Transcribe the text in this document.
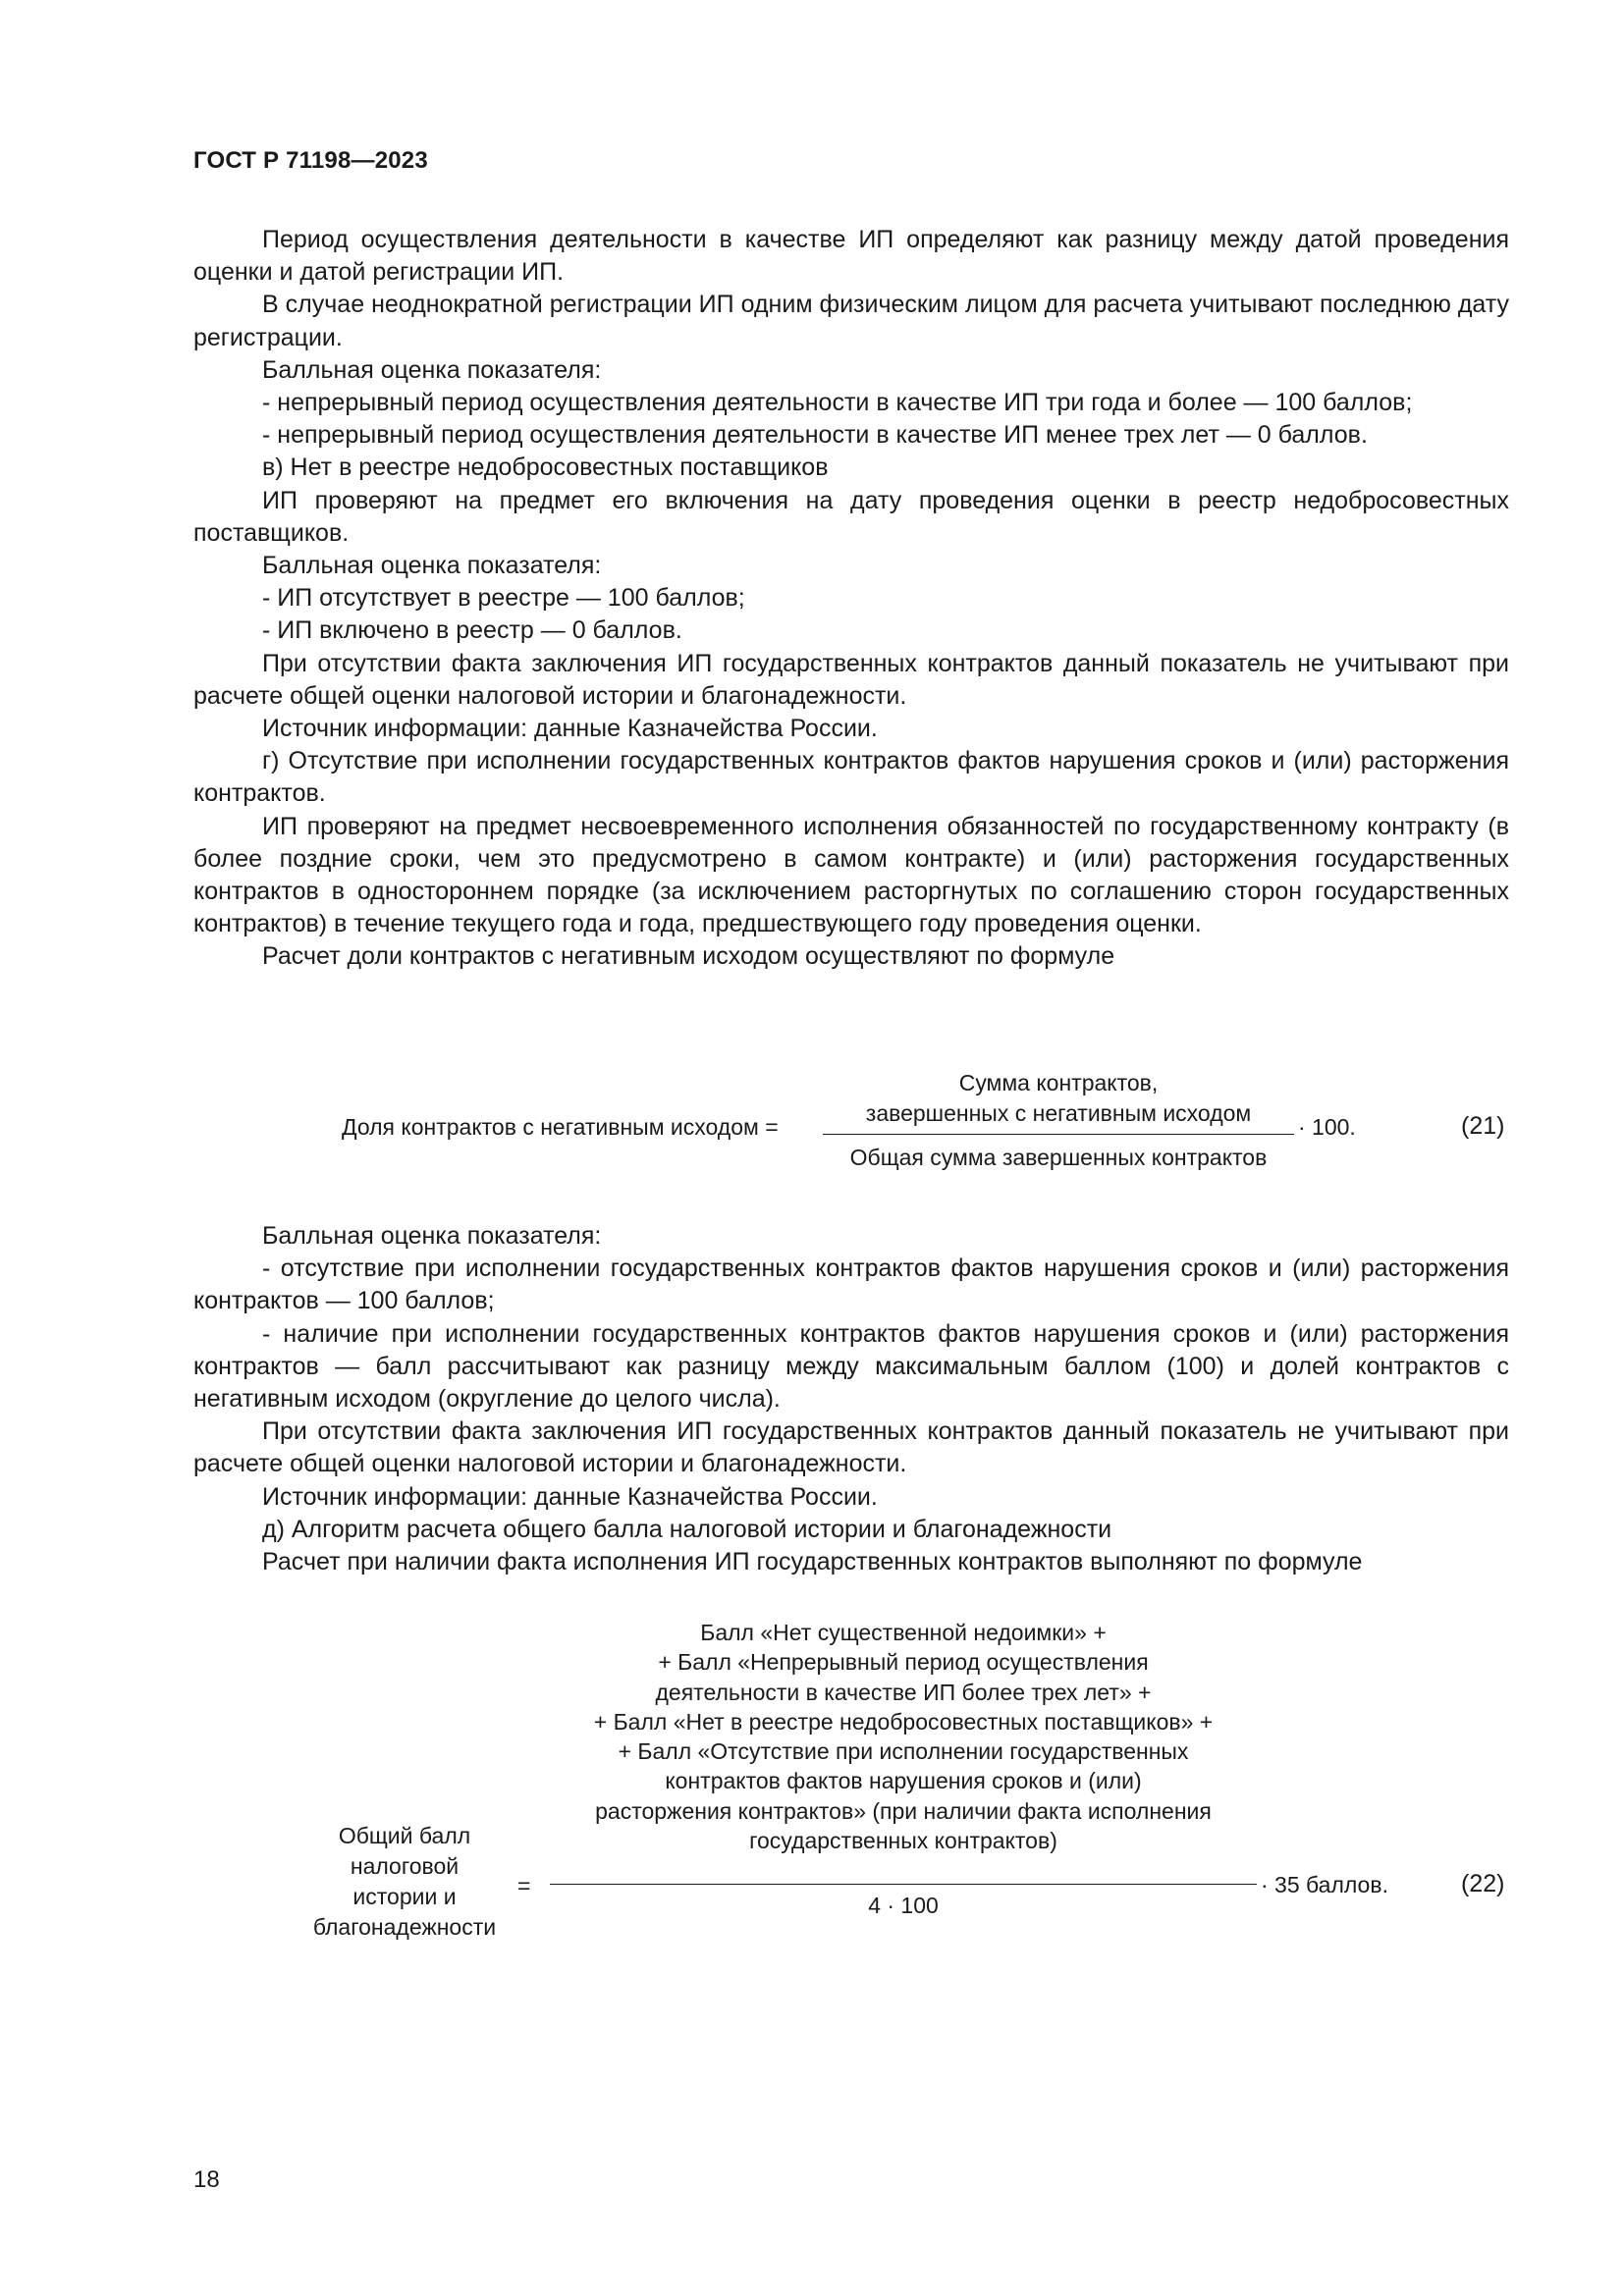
ГОСТ Р 71198—2023

Период осуществления деятельности в качестве ИП определяют как разницу между датой проведения оценки и датой регистрации ИП.

В случае неоднократной регистрации ИП одним физическим лицом для расчета учитывают последнюю дату регистрации.

Балльная оценка показателя:

- непрерывный период осуществления деятельности в качестве ИП три года и более — 100 баллов;

- непрерывный период осуществления деятельности в качестве ИП менее трех лет — 0 баллов.

в) Нет в реестре недобросовестных поставщиков

ИП проверяют на предмет его включения на дату проведения оценки в реестр недобросовестных поставщиков.

Балльная оценка показателя:

- ИП отсутствует в реестре — 100 баллов;

- ИП включено в реестр — 0 баллов.

При отсутствии факта заключения ИП государственных контрактов данный показатель не учитывают при расчете общей оценки налоговой истории и благонадежности.

Источник информации: данные Казначейства России.

г) Отсутствие при исполнении государственных контрактов фактов нарушения сроков и (или) расторжения контрактов.

ИП проверяют на предмет несвоевременного исполнения обязанностей по государственному контракту (в более поздние сроки, чем это предусмотрено в самом контракте) и (или) расторжения государственных контрактов в одностороннем порядке (за исключением расторгнутых по соглашению сторон государственных контрактов) в течение текущего года и года, предшествующего году проведения оценки.

Расчет доли контрактов с негативным исходом осуществляют по формуле

Доля контрактов с негативным исходом =
Сумма контрактов,
завершенных с негативным исходом
Общая сумма завершенных контрактов
· 100.	(21)

Балльная оценка показателя:

- отсутствие при исполнении государственных контрактов фактов нарушения сроков и (или) расторжения контрактов — 100 баллов;

- наличие при исполнении государственных контрактов фактов нарушения сроков и (или) расторжения контрактов — балл рассчитывают как разницу между максимальным баллом (100) и долей контрактов с негативным исходом (округление до целого числа).

При отсутствии факта заключения ИП государственных контрактов данный показатель не учитывают при расчете общей оценки налоговой истории и благонадежности.

Источник информации: данные Казначейства России.

д) Алгоритм расчета общего балла налоговой истории и благонадежности

Расчет при наличии факта исполнения ИП государственных контрактов выполняют по формуле

Общий балл
налоговой
истории и
благонадежности
=
Балл «Нет существенной недоимки» +
+ Балл «Непрерывный период осуществления
деятельности в качестве ИП более трех лет» +
+ Балл «Нет в реестре недобросовестных поставщиков» +
+ Балл «Отсутствие при исполнении государственных
контрактов фактов нарушения сроков и (или)
расторжения контрактов» (при наличии факта исполнения
государственных контрактов)
4 · 100
· 35 баллов.	(22)
18
